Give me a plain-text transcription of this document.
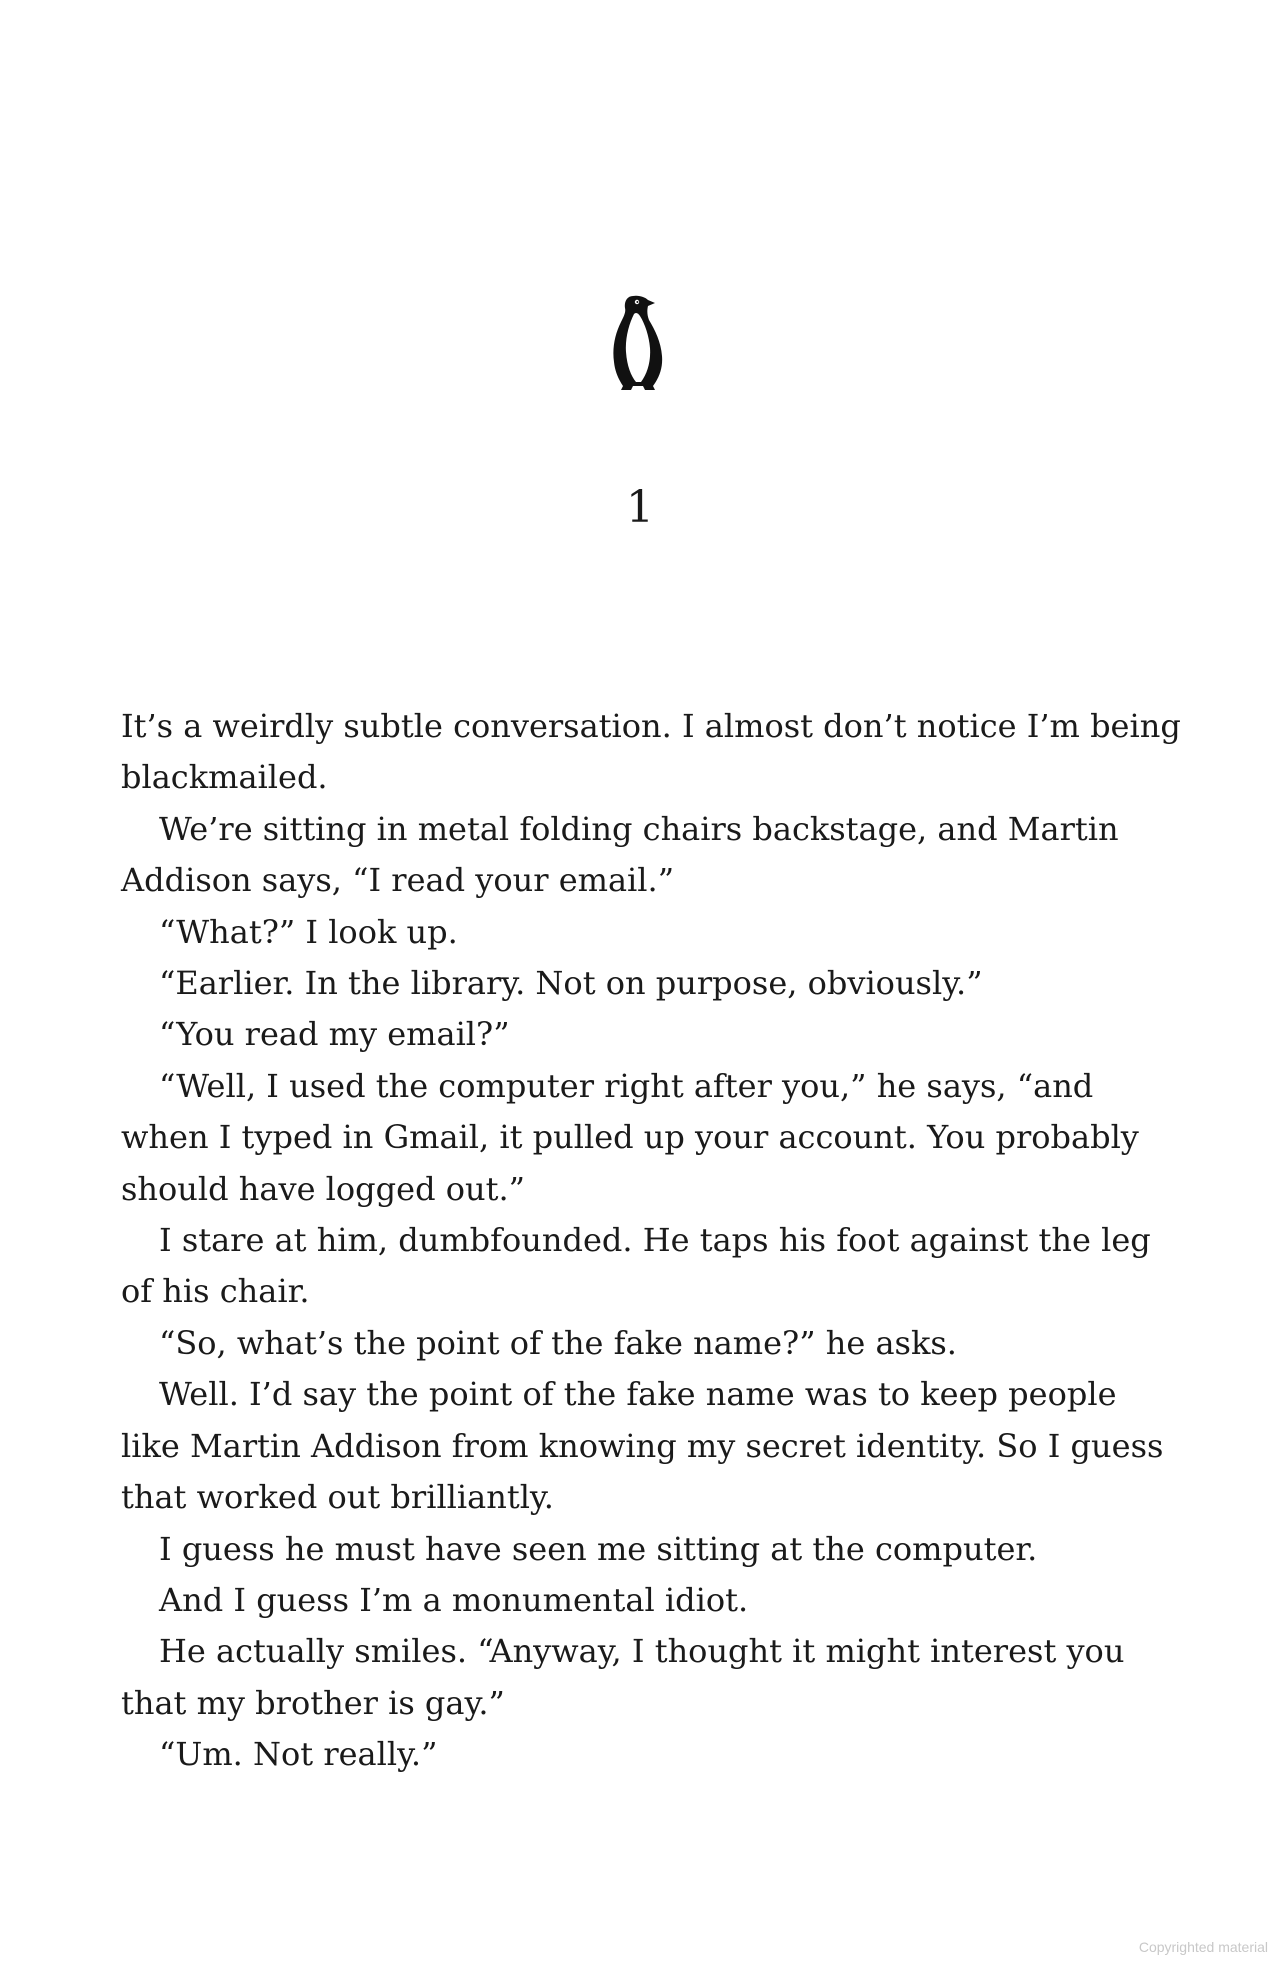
1

It’s a weirdly subtle conversation. I almost don’t notice I’m being blackmailed.

We’re sitting in metal folding chairs backstage, and Martin Addison says, “I read your email.”

“What?” I look up.

“Earlier. In the library. Not on purpose, obviously.”

“You read my email?”

“Well, I used the computer right after you,” he says, “and when I typed in Gmail, it pulled up your account. You probably should have logged out.”

I stare at him, dumbfounded. He taps his foot against the leg of his chair.

“So, what’s the point of the fake name?” he asks.

Well. I’d say the point of the fake name was to keep people like Martin Addison from knowing my secret identity. So I guess that worked out brilliantly.

I guess he must have seen me sitting at the computer.

And I guess I’m a monumental idiot.

He actually smiles. “Anyway, I thought it might interest you that my brother is gay.”

“Um. Not really.”

Copyrighted material
